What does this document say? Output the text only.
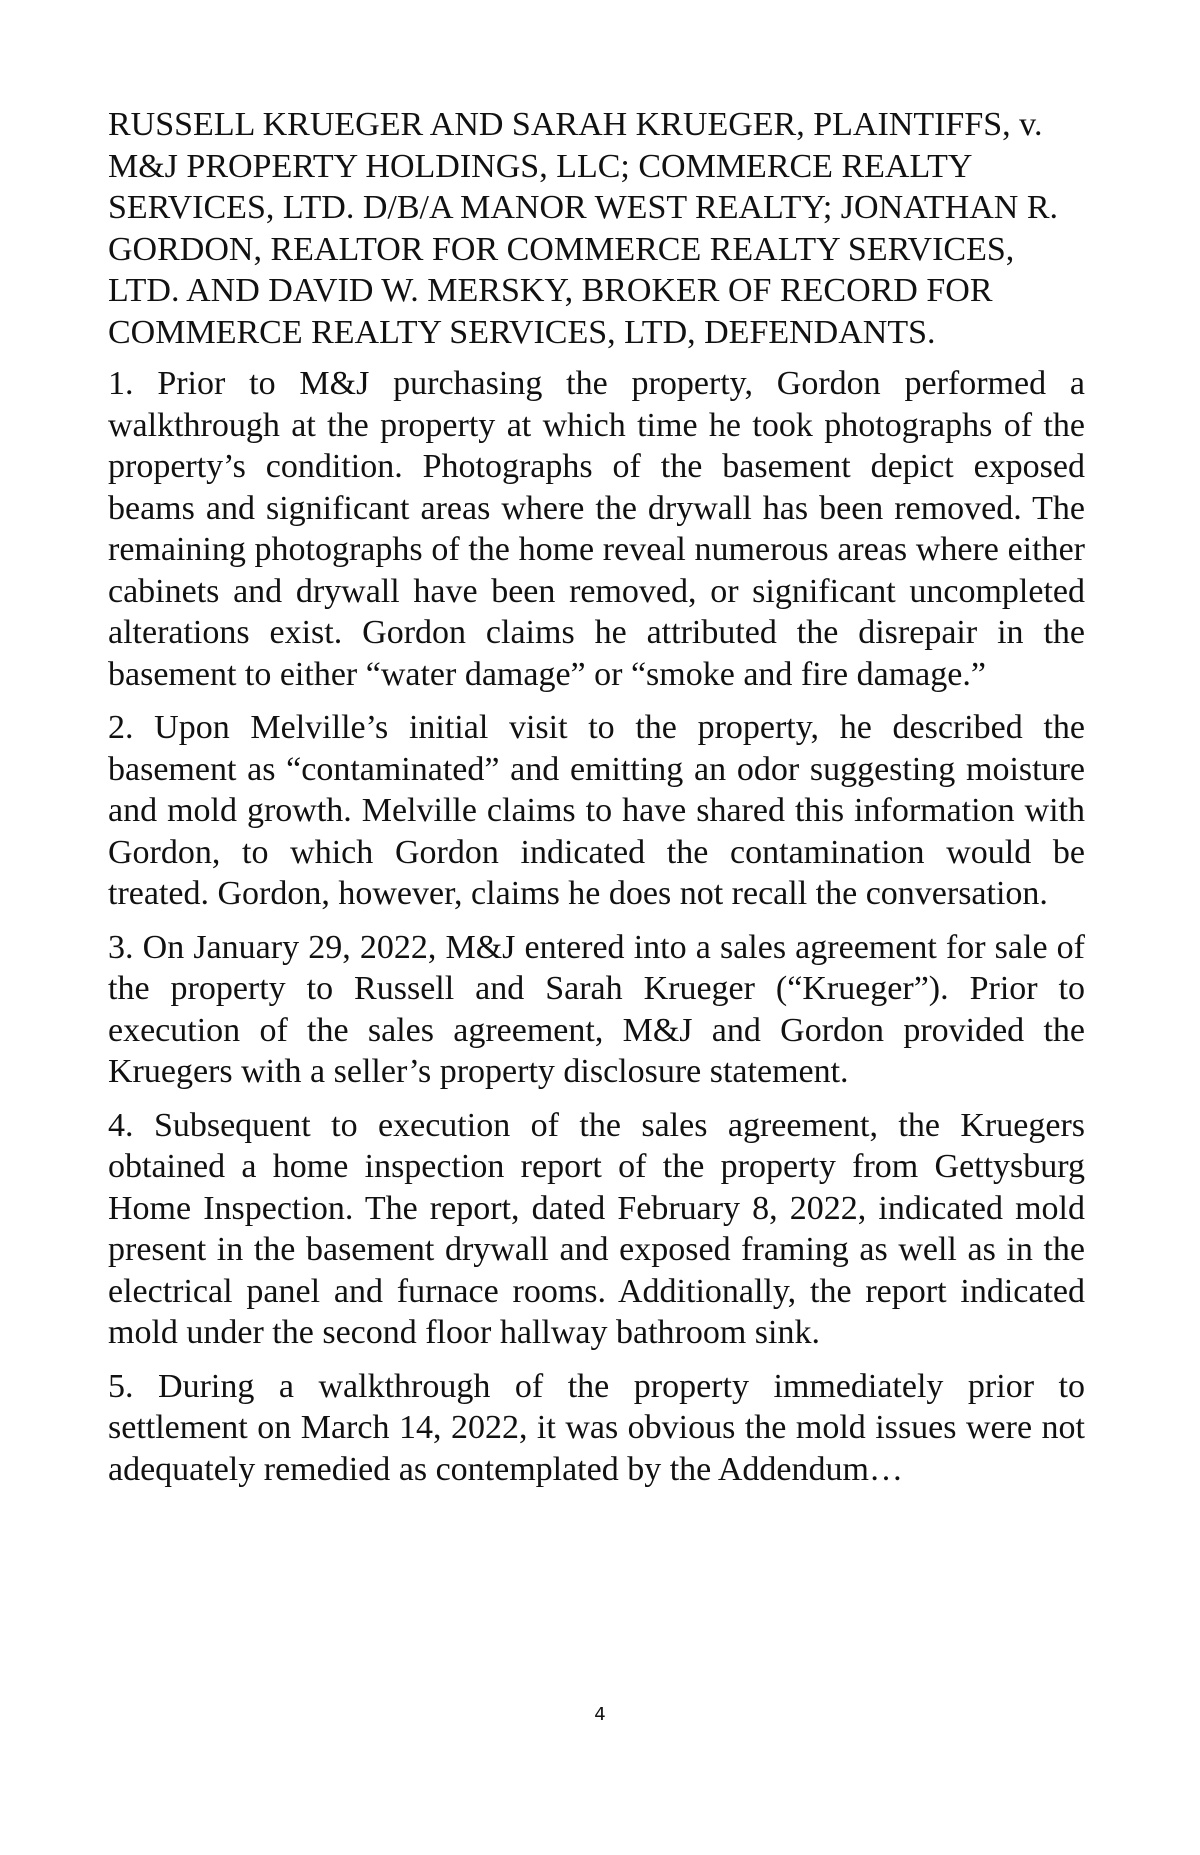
RUSSELL KRUEGER AND SARAH KRUEGER, PLAINTIFFS, v. M&J PROPERTY HOLDINGS, LLC; COMMERCE REALTY SERVICES, LTD. D/B/A MANOR WEST REALTY; JONATHAN R. GORDON, REALTOR FOR COMMERCE REALTY SERVICES, LTD. AND DAVID W. MERSKY, BROKER OF RECORD FOR COMMERCE REALTY SERVICES, LTD, DEFENDANTS.

1. Prior to M&J purchasing the property, Gordon performed a walkthrough at the property at which time he took photographs of the property’s condition. Photographs of the basement depict exposed beams and significant areas where the drywall has been removed. The remaining photographs of the home reveal numerous areas where either cabinets and drywall have been removed, or significant uncompleted alterations exist. Gordon claims he attributed the disrepair in the basement to either “water damage” or “smoke and fire damage.”

2. Upon Melville’s initial visit to the property, he described the basement as “contaminated” and emitting an odor suggesting moisture and mold growth. Melville claims to have shared this information with Gordon, to which Gordon indicated the contamination would be treated. Gordon, however, claims he does not recall the conversation.

3. On January 29, 2022, M&J entered into a sales agreement for sale of the property to Russell and Sarah Krueger (“Krueger”). Prior to execution of the sales agreement, M&J and Gordon provided the Kruegers with a seller’s property disclosure statement.

4. Subsequent to execution of the sales agreement, the Kruegers obtained a home inspection report of the property from Gettysburg Home Inspection. The report, dated February 8, 2022, indicated mold present in the basement drywall and exposed framing as well as in the electrical panel and furnace rooms. Additionally, the report indicated mold under the second floor hallway bathroom sink.

5. During a walkthrough of the property immediately prior to settlement on March 14, 2022, it was obvious the mold issues were not adequately remedied as contemplated by the Addendum…

4
